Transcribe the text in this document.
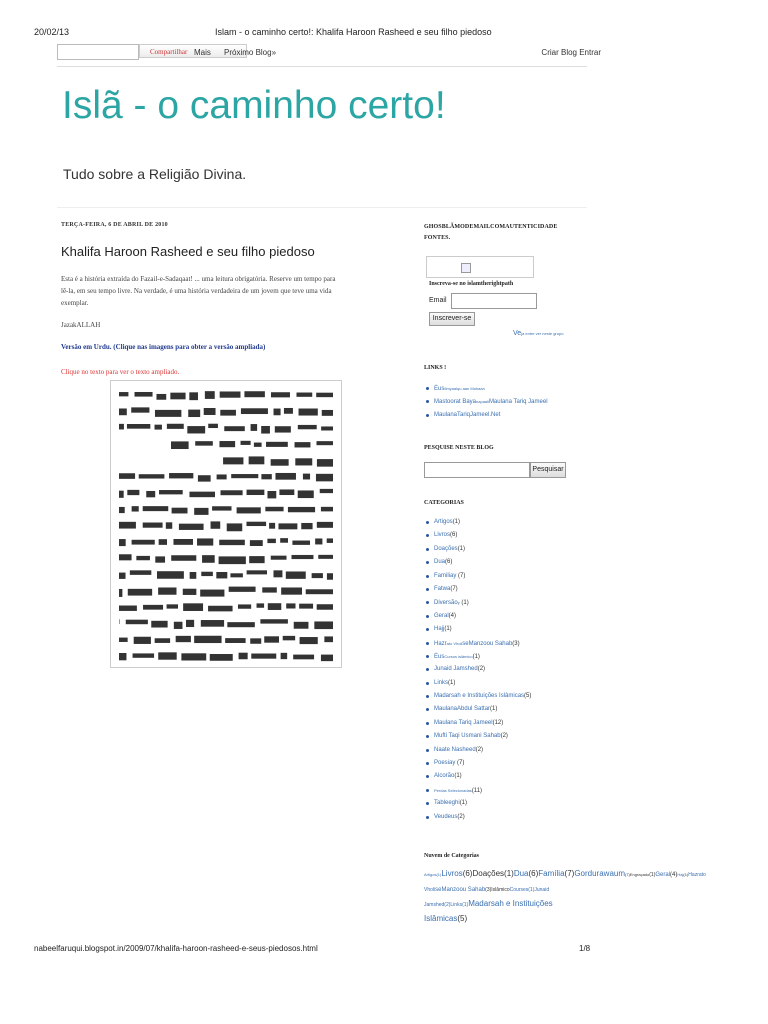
20/02/13	Islam - o caminho certo!: Khalifa Haroon Rasheed e seu filho piedoso
Compartilhar Mais Próximo Blog»	Criar Blog Entrar
Islã - o caminho certo!
Tudo sobre a Religião Divina.
TERÇA-FEIRA, 6 DE ABRIL DE 2010
Khalifa Haroon Rasheed e seu filho piedoso
Esta é a história extraída do Fazail-e-Sadaqaat! ... uma leitura obrigatória. Reserve um tempo para lê-la, em seu tempo livre. Na verdade, é uma história verdadeira de um jovem que teve uma vida exemplar.
JazakALLAH
Versão em Urdu. (Clique nas imagens para obter a versão ampliada)
Clique no texto para ver o texto ampliado.
GHOSBLÃMODEMAILCOMAUTENTICIDADE FONTES.
Inscreva-se no islamtherightpath
Email
Inscrever-se
Veja entre ver neste grupo
LINKS !
ĖusIlmyaalqu aan Muhaan
Mastoorat BayanapaaliMaulana Tariq Jameel
MaulanaTariqJameel.Net
PESQUISE NESTE BLOG
Pesquisar
CATEGORIAS
Artigos(1)
Livros(6)
Doações(1)
Dua(6)
Familiay (7)
Fatwa(7)
Diversãoy (1)
Geral(4)
Hajj(1)
Hazrato VholiseManzoou Sahab(3)
ĖusCursos islâmico(1)
Junaid Jamshed(2)
Links(1)
Madarsah e Instituições Islâmicas(5)
MaulanaAbdul Sattar(1)
Maulana Tariq Jameel(12)
Mufti Taqi Usmani Sahab(2)
Naate Nasheed(2)
Poesiay (7)
Alcorão(1)
Perdas Selecionadas(11)
Tableeghi(1)
Veudeus(2)
Nuvem de Categorias
Artigos(1)Livros(6)Doações(1)Dua(6)Família(7)Gordurawaum(7)Engraçado(1)Geral(4)Haj(1)Hazrato VholiseManzoou Sahab(3)IslâmicoCourses(1)Junaid Jamshed(2)Links(1)Madarsah e Instituições Islâmicas(5)
nabeelfaruqui.blogspot.in/2009/07/khalifa-haroon-rasheed-e-seus-piedosos.html	1/8
